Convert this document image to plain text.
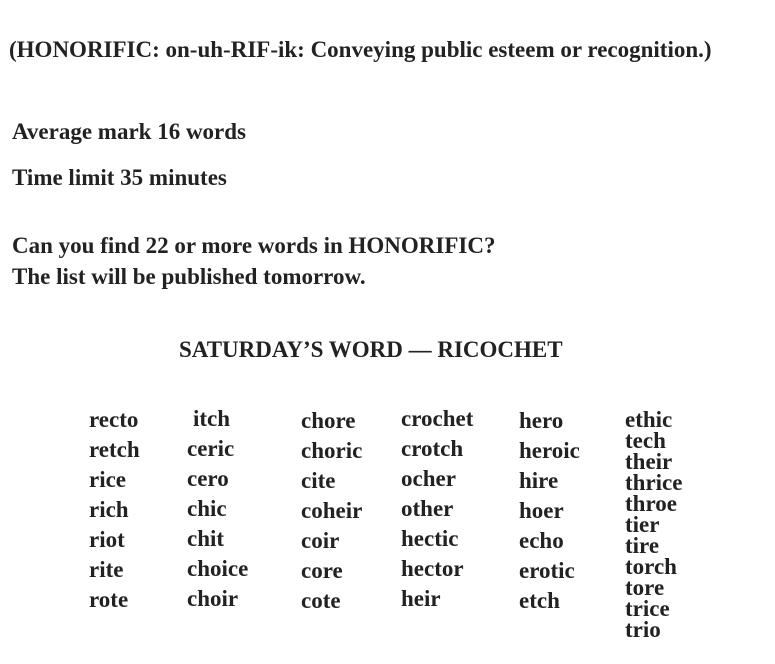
(HONORIFIC: on-uh-RIF-ik: Conveying public esteem or recognition.)
Average mark 16 words
Time limit 35 minutes
Can you find 22 or more words in HONORIFIC?
The list will be published tomorrow.
SATURDAY’S WORD — RICOCHET
recto
retch
rice
rich
riot
rite
rote
itch
ceric
cero
chic
chit
choice
choir
chore
choric
cite
coheir
coir
core
cote
crochet
crotch
ocher
other
hectic
hector
heir
hero
heroic
hire
hoer
echo
erotic
etch
ethic
tech
their
thrice
throe
tier
tire
torch
tore
trice
trio
